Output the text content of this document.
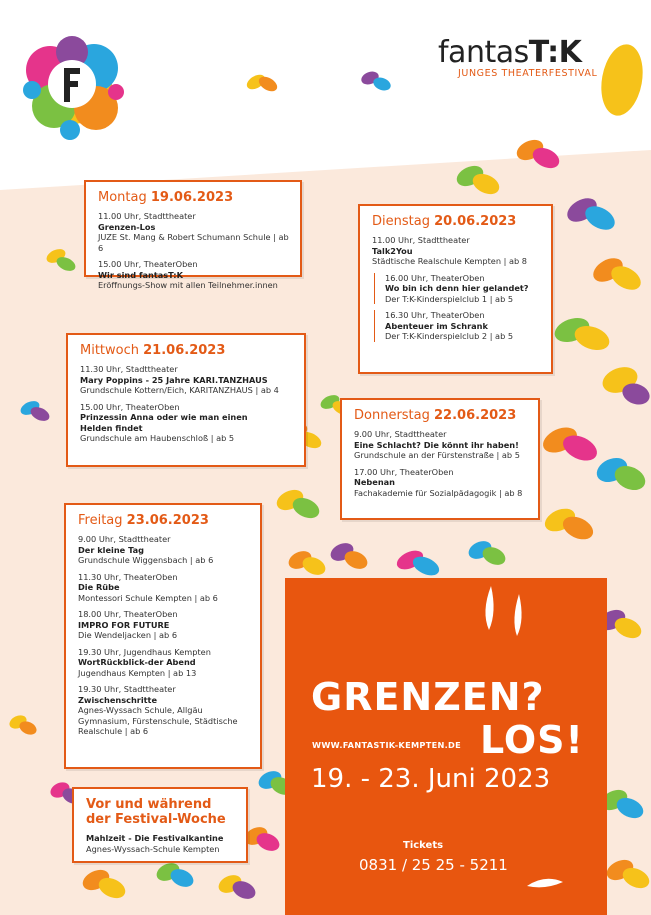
fantasT:K
JUNGES THEATERFESTIVAL
Montag 19.06.2023
11.00 Uhr, Stadttheater
Grenzen-Los
JUZE St. Mang & Robert Schumann Schule | ab 6
15.00 Uhr, TheaterOben
Wir sind fantasT:K
Eröffnungs-Show mit allen Teilnehmer.innen
Dienstag 20.06.2023
11.00 Uhr, Stadttheater
Talk2You
Städtische Realschule Kempten | ab 8
16.00 Uhr, TheaterOben
Wo bin ich denn hier gelandet?
Der T:K-Kinderspielclub 1 | ab 5
16.30 Uhr, TheaterOben
Abenteuer im Schrank
Der T:K-Kinderspielclub 2 | ab 5
Mittwoch 21.06.2023
11.30 Uhr, Stadttheater
Mary Poppins - 25 Jahre KARI.TANZHAUS
Grundschule Kottern/Eich, KARITANZHAUS | ab 4
15.00 Uhr, TheaterOben
Prinzessin Anna oder wie man einen Helden findet
Grundschule am Haubenschloß | ab 5
Donnerstag 22.06.2023
9.00 Uhr, Stadttheater
Eine Schlacht? Die könnt ihr haben!
Grundschule an der Fürstenstraße | ab 5
17.00 Uhr, TheaterOben
Nebenan
Fachakademie für Sozialpädagogik | ab 8
Freitag 23.06.2023
9.00 Uhr, Stadttheater
Der kleine Tag
Grundschule Wiggensbach | ab 6
11.30 Uhr, TheaterOben
Die Rübe
Montessori Schule Kempten | ab 6
18.00 Uhr, TheaterOben
IMPRO FOR FUTURE
Die Wendeljacken | ab 6
19.30 Uhr, Jugendhaus Kempten
WortRückblick-der Abend
Jugendhaus Kempten | ab 13
19.30 Uhr, Stadttheater
Zwischenschritte
Agnes-Wyssach Schule, Allgäu Gymnasium, Fürstenschule, Städtische Realschule | ab 6
Vor und während
der Festival-Woche
Mahlzeit - Die Festivalkantine
Agnes-Wyssach-Schule Kempten
GRENZEN?
LOS!
WWW.FANTASTIK-KEMPTEN.DE
19. - 23. Juni 2023
Tickets
0831 / 25 25 - 5211
